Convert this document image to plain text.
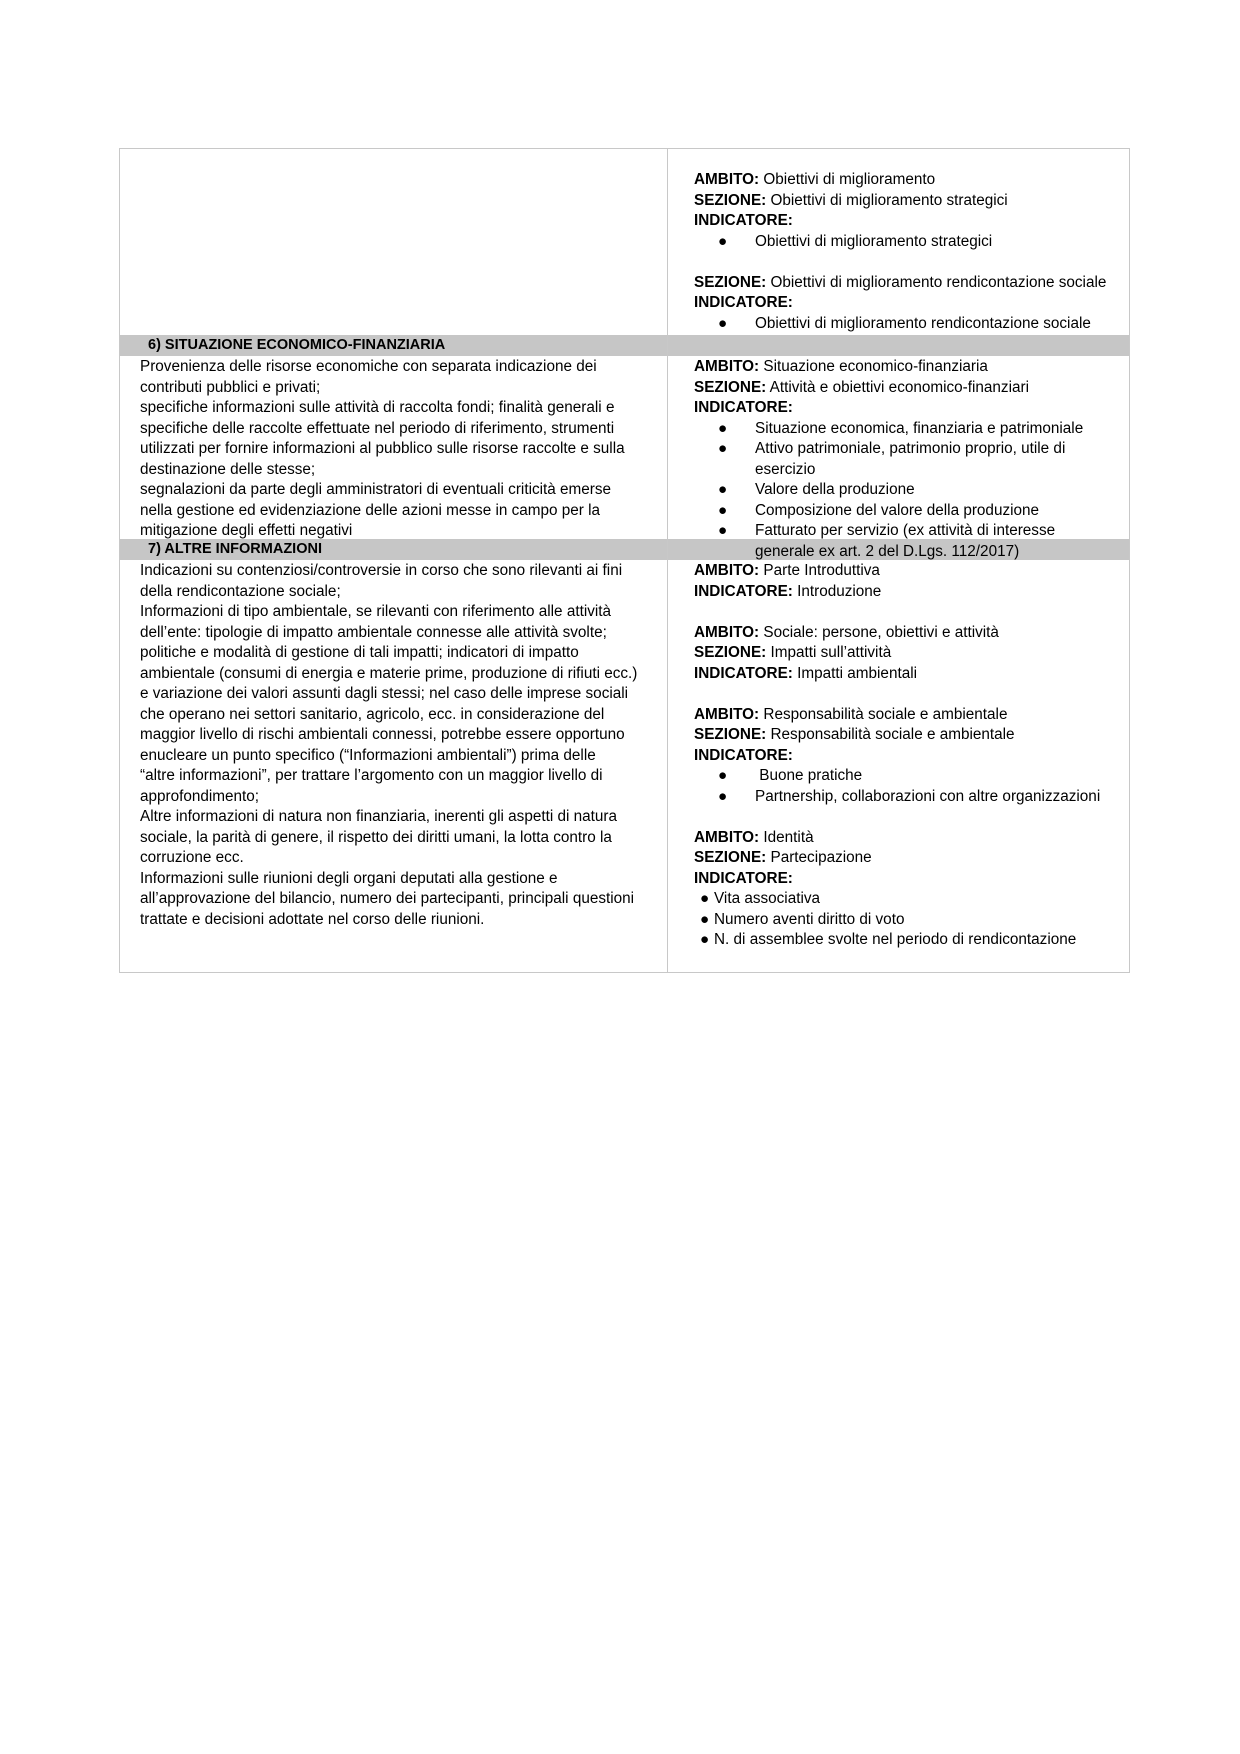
AMBITO: Obiettivi di miglioramento

SEZIONE: Obiettivi di miglioramento strategici

INDICATORE:

● Obiettivi di miglioramento strategici

SEZIONE: Obiettivi di miglioramento rendicontazione sociale

INDICATORE:

● Obiettivi di miglioramento rendicontazione sociale
6) SITUAZIONE ECONOMICO-FINANZIARIA

Provenienza delle risorse economiche con separata indicazione dei

contributi pubblici e privati;

specifiche informazioni sulle attività di raccolta fondi; finalità generali e

specifiche delle raccolte effettuate nel periodo di riferimento, strumenti

utilizzati per fornire informazioni al pubblico sulle risorse raccolte e sulla

destinazione delle stesse;

segnalazioni da parte degli amministratori di eventuali criticità emerse

nella gestione ed evidenziazione delle azioni messe in campo per la

mitigazione degli effetti negativi

AMBITO: Situazione economico-finanziaria

SEZIONE: Attività e obiettivi economico-finanziari

INDICATORE:

● Situazione economica, finanziaria e patrimoniale
● Attivo patrimoniale, patrimonio proprio, utile di
esercizio
● Valore della produzione
● Composizione del valore della produzione
● Fatturato per servizio (ex attività di interesse
generale ex art. 2 del D.Lgs. 112/2017)
7) ALTRE INFORMAZIONI

Indicazioni su contenziosi/controversie in corso che sono rilevanti ai fini

della rendicontazione sociale;

Informazioni di tipo ambientale, se rilevanti con riferimento alle attività

dell’ente: tipologie di impatto ambientale connesse alle attività svolte;

politiche e modalità di gestione di tali impatti; indicatori di impatto

ambientale (consumi di energia e materie prime, produzione di rifiuti ecc.)

e variazione dei valori assunti dagli stessi; nel caso delle imprese sociali

che operano nei settori sanitario, agricolo, ecc. in considerazione del

maggior livello di rischi ambientali connessi, potrebbe essere opportuno

enucleare un punto specifico (“Informazioni ambientali”) prima delle

“altre informazioni”, per trattare l’argomento con un maggior livello di

approfondimento;

Altre informazioni di natura non finanziaria, inerenti gli aspetti di natura

sociale, la parità di genere, il rispetto dei diritti umani, la lotta contro la

corruzione ecc.

Informazioni sulle riunioni degli organi deputati alla gestione e

all’approvazione del bilancio, numero dei partecipanti, principali questioni

trattate e decisioni adottate nel corso delle riunioni.

AMBITO: Parte Introduttiva

INDICATORE: Introduzione

AMBITO: Sociale: persone, obiettivi e attività

SEZIONE: Impatti sull’attività

INDICATORE: Impatti ambientali

AMBITO: Responsabilità sociale e ambientale

SEZIONE: Responsabilità sociale e ambientale

INDICATORE:

● Buone pratiche
● Partnership, collaborazioni con altre organizzazioni

AMBITO: Identità

SEZIONE: Partecipazione

INDICATORE:

● Vita associativa
● Numero aventi diritto di voto
● N. di assemblee svolte nel periodo di rendicontazione
